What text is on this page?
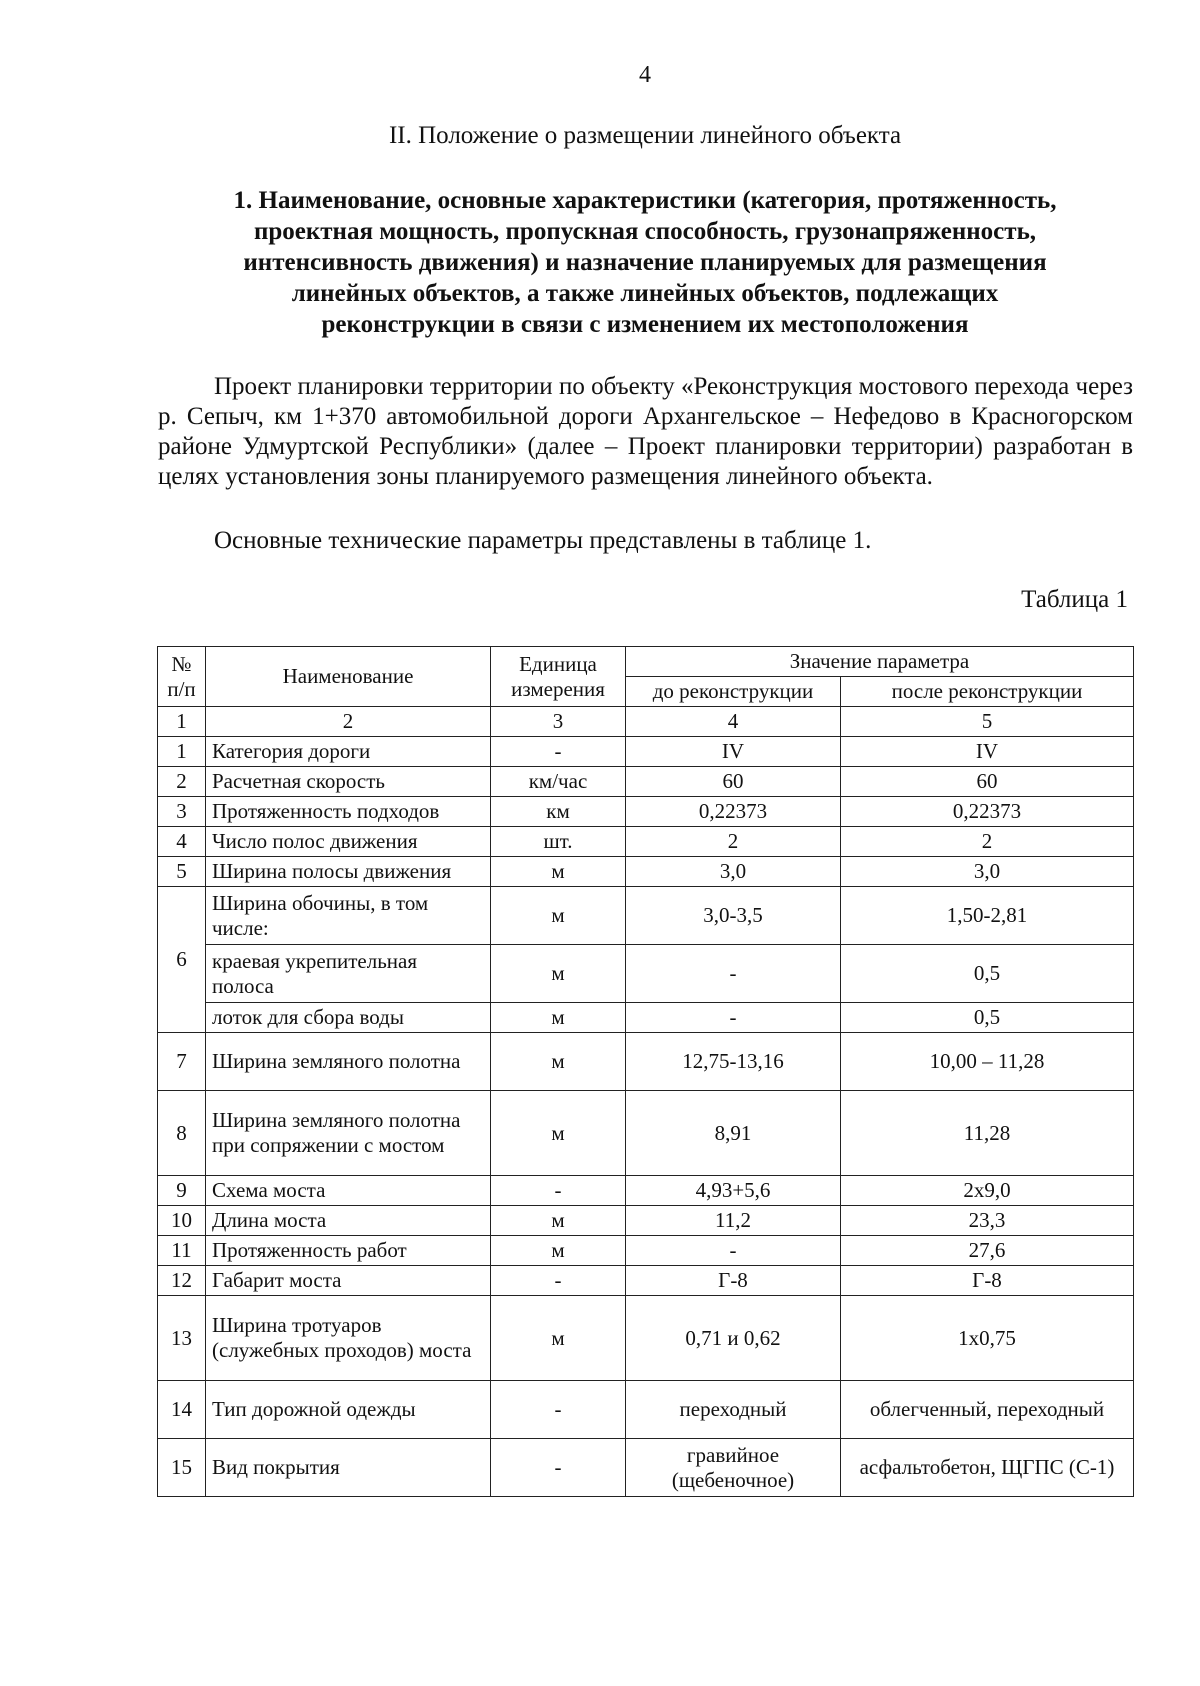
4
II. Положение о размещении линейного объекта
1. Наименование, основные характеристики (категория, протяженность,
проектная мощность, пропускная способность, грузонапряженность,
интенсивность движения) и назначение планируемых для размещения
линейных объектов, а также линейных объектов, подлежащих
реконструкции в связи с изменением их местоположения
Проект планировки территории по объекту «Реконструкция мостового перехода через р. Сепыч, км 1+370 автомобильной дороги Архангельское – Нефедово в Красногорском районе Удмуртской Республики» (далее – Проект планировки территории) разработан в целях установления зоны планируемого размещения линейного объекта.
Основные технические параметры представлены в таблице 1.
Таблица 1
№ п/п	Наименование	Единица измерения	Значение параметра	
			до реконструкции	после реконструкции
1	2	3	4	5
1	Категория дороги	-	IV	IV
2	Расчетная скорость	км/час	60	60
3	Протяженность подходов	км	0,22373	0,22373
4	Число полос движения	шт.	2	2
5	Ширина полосы движения	м	3,0	3,0
6	Ширина обочины, в том числе:	м	3,0-3,5	1,50-2,81
	краевая укрепительная полоса	м	-	0,5
	лоток для сбора воды	м	-	0,5
7	Ширина земляного полотна	м	12,75-13,16	10,00 – 11,28
8	Ширина земляного полотна при сопряжении с мостом	м	8,91	11,28
9	Схема моста	-	4,93+5,6	2x9,0
10	Длина моста	м	11,2	23,3
11	Протяженность работ	м	-	27,6
12	Габарит моста	-	Г-8	Г-8
13	Ширина тротуаров (служебных проходов) моста	м	0,71 и 0,62	1x0,75
14	Тип дорожной одежды	-	переходный	облегченный, переходный
15	Вид покрытия	-	гравийное (щебеночное)	асфальтобетон, ЩГПС (С-1)
